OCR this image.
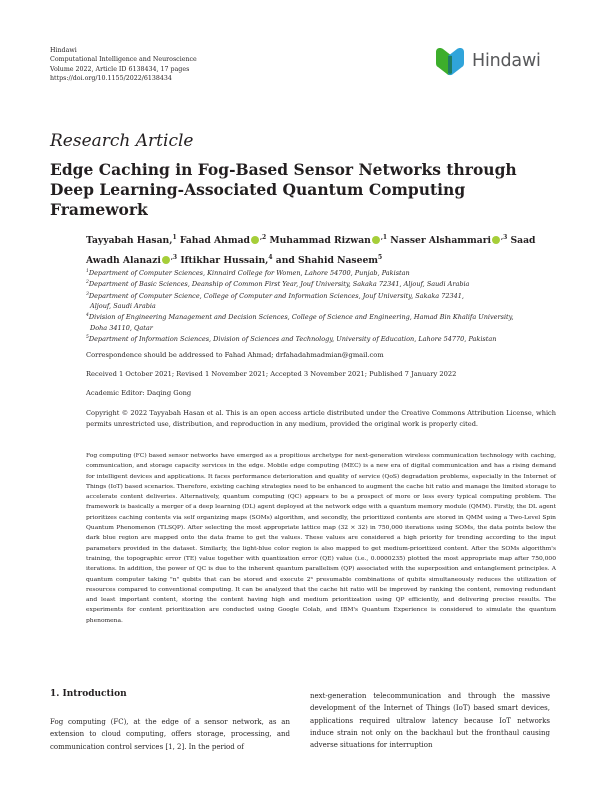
Hindawi
Computational Intelligence and Neuroscience
Volume 2022, Article ID 6138434, 17 pages
https://doi.org/10.1155/2022/6138434
Hindawi
Research Article
Edge Caching in Fog-Based Sensor Networks through Deep Learning-Associated Quantum Computing Framework
Tayyabah Hasan,$^1$ Fahad Ahmad $^{,2}$ Muhammad Rizwan $^{,1}$ Nasser Alshammari $^{,3}$ Saad Awadh Alanazi $^{,3}$ Iftikhar Hussain,$^4$ and Shahid Naseem$^5$
$^1$Department of Computer Sciences, Kinnaird College for Women, Lahore 54700, Punjab, Pakistan
$^2$Department of Basic Sciences, Deanship of Common First Year, Jouf University, Sakaka 72341, Aljouf, Saudi Arabia
$^3$Department of Computer Science, College of Computer and Information Sciences, Jouf University, Sakaka 72341,
Aljouf, Saudi Arabia
$^4$Division of Engineering Management and Decision Sciences, College of Science and Engineering, Hamad Bin Khalifa University,
Doha 34110, Qatar
$^5$Department of Information Sciences, Division of Sciences and Technology, University of Education, Lahore 54770, Pakistan
Correspondence should be addressed to Fahad Ahmad; drfahadahmadmian@gmail.com
Received 1 October 2021; Revised 1 November 2021; Accepted 3 November 2021; Published 7 January 2022
Academic Editor: Daqing Gong
Copyright © 2022 Tayyabah Hasan et al. This is an open access article distributed under the Creative Commons Attribution License, which permits unrestricted use, distribution, and reproduction in any medium, provided the original work is properly cited.
Fog computing (FC) based sensor networks have emerged as a propitious archetype for next-generation wireless communication technology with caching, communication, and storage capacity services in the edge. Mobile edge computing (MEC) is a new era of digital communication and has a rising demand for intelligent devices and applications. It faces performance deterioration and quality of service (QoS) degradation problems, especially in the Internet of Things (IoT) based scenarios. Therefore, existing caching strategies need to be enhanced to augment the cache hit ratio and manage the limited storage to accelerate content deliveries. Alternatively, quantum computing (QC) appears to be a prospect of more or less every typical computing problem. The framework is basically a merger of a deep learning (DL) agent deployed at the network edge with a quantum memory module (QMM). Firstly, the DL agent prioritizes caching contents via self organizing maps (SOMs) algorithm, and secondly, the prioritized contents are stored in QMM using a Two-Level Spin Quantum Phenomenon (TLSQP). After selecting the most appropriate lattice map (32 × 32) in 750,000 iterations using SOMs, the data points below the dark blue region are mapped onto the data frame to get the values. These values are considered a high priority for trending according to the input parameters provided in the dataset. Similarly, the light-blue color region is also mapped to get medium-prioritized content. After the SOMs algorithm's training, the topographic error (TE) value together with quantization error (QE) value (i.e., 0.0000235) plotted the most appropriate map after 750,000 iterations. In addition, the power of QC is due to the inherent quantum parallelism (QP) associated with the superposition and entanglement principles. A quantum computer taking "n" qubits that can be stored and execute 2ⁿ presumable combinations of qubits simultaneously reduces the utilization of resources compared to conventional computing. It can be analyzed that the cache hit ratio will be improved by ranking the content, removing redundant and least important content, storing the content having high and medium prioritization using QP efficiently, and delivering precise results. The experiments for content prioritization are conducted using Google Colab, and IBM's Quantum Experience is considered to simulate the quantum phenomena.
1. Introduction
Fog computing (FC), at the edge of a sensor network, as an extension to cloud computing, offers storage, processing, and communication control services [1, 2]. In the period of
next-generation telecommunication and through the massive development of the Internet of Things (IoT) based smart devices, applications required ultralow latency because IoT networks induce strain not only on the backhaul but the fronthaul causing adverse situations for interruption
